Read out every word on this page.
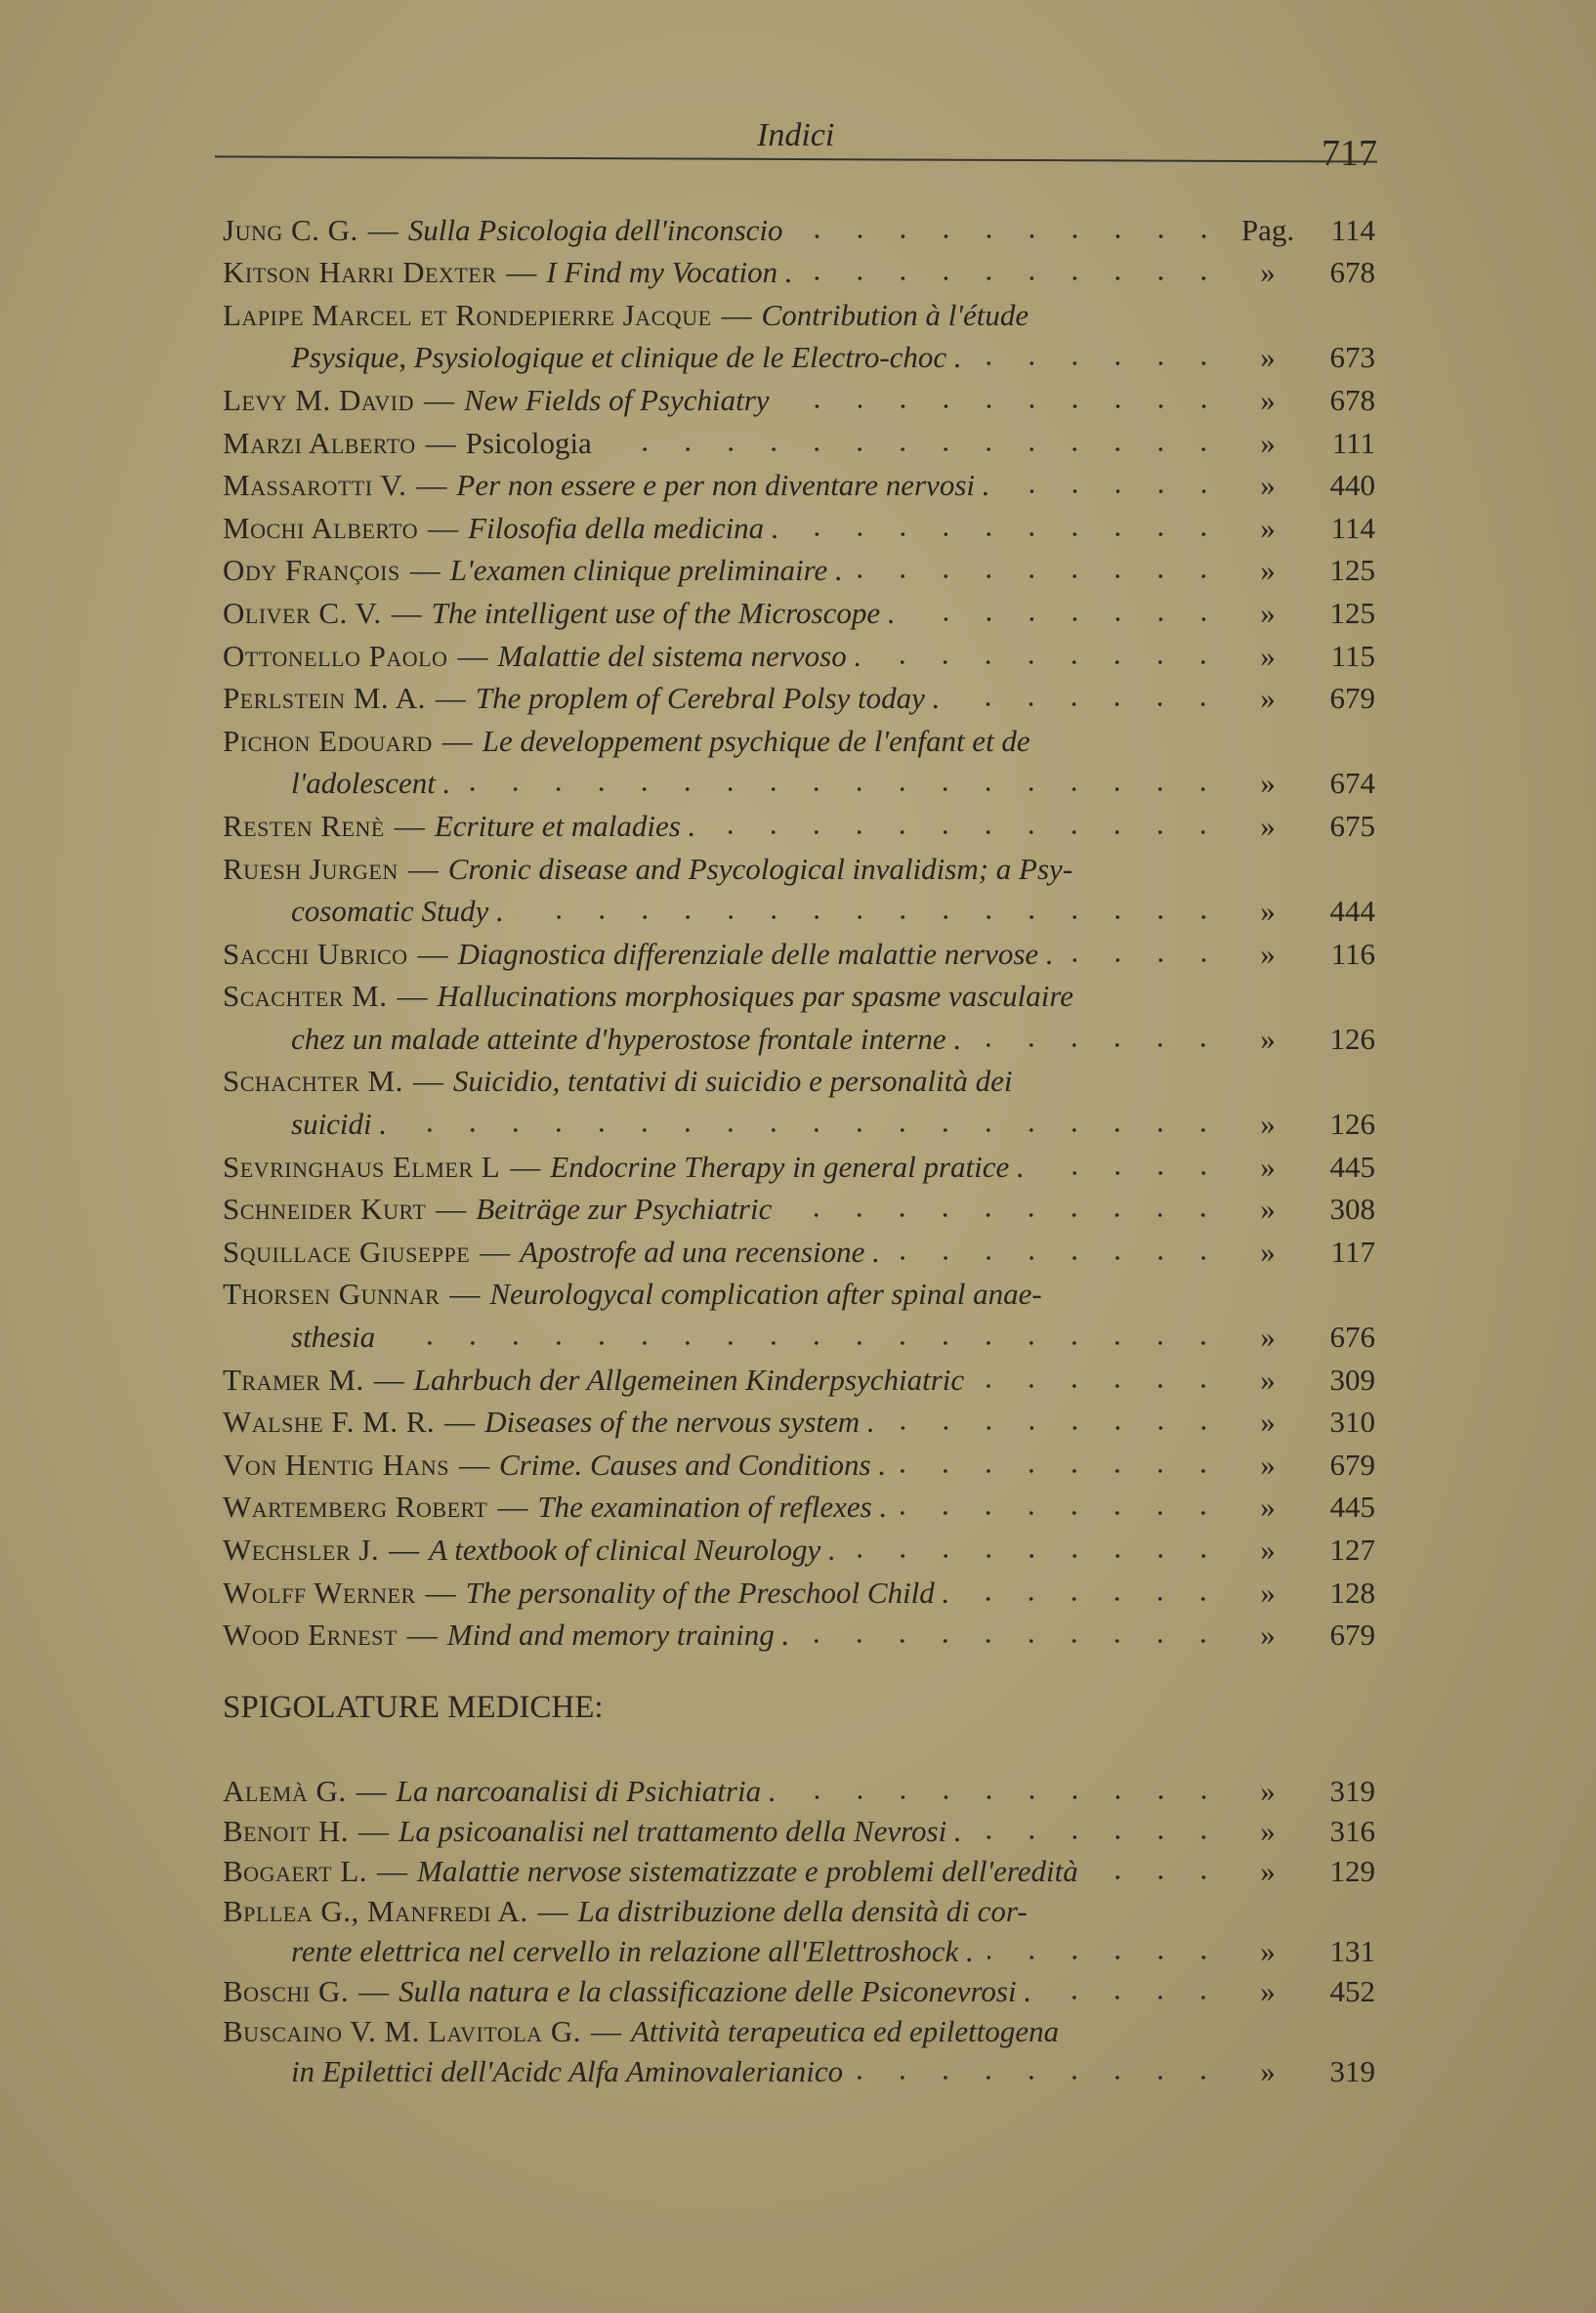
Indici	717
Jung C. G. — Sulla Psicologia dell'inconscio	Pag.	114
Kitson Harri Dexter — I Find my Vocation .	»	678
Lapipe Marcel et Rondepierre Jacque — Contribution à l'étude
Psysique, Psysiologique et clinique de le Electro-choc .	»	673
Levy M. David — New Fields of Psychiatry	»	678
Marzi Alberto — Psicologia	»	111
Massarotti V. — Per non essere e per non diventare nervosi .	»	440
Mochi Alberto — Filosofia della medicina .	»	114
Ody François — L'examen clinique preliminaire .	»	125
Oliver C. V. — The intelligent use of the Microscope .	»	125
Ottonello Paolo — Malattie del sistema nervoso .	»	115
Perlstein M. A. — The proplem of Cerebral Polsy today .	»	679
Pichon Edouard — Le developpement psychique de l'enfant et de
l'adolescent .	»	674
Resten Renè — Ecriture et maladies .	»	675
Ruesh Jurgen — Cronic disease and Psycological invalidism; a Psy-
cosomatic Study .	»	444
Sacchi Ubrico — Diagnostica differenziale delle malattie nervose .	»	116
Scachter M. — Hallucinations morphosiques par spasme vasculaire
chez un malade atteinte d'hyperostose frontale interne .	»	126
Schachter M. — Suicidio, tentativi di suicidio e personalità dei
suicidi .	»	126
Sevringhaus Elmer L — Endocrine Therapy in general pratice .	»	445
Schneider Kurt — Beiträge zur Psychiatric	»	308
Squillace Giuseppe — Apostrofe ad una recensione .	»	117
Thorsen Gunnar — Neurologycal complication after spinal anae-
sthesia	»	676
Tramer M. — Lahrbuch der Allgemeinen Kinderpsychiatric	»	309
Walshe F. M. R. — Diseases of the nervous system .	»	310
Von Hentig Hans — Crime. Causes and Conditions .	»	679
Wartemberg Robert — The examination of reflexes .	»	445
Wechsler J. — A textbook of clinical Neurology .	»	127
Wolff Werner — The personality of the Preschool Child .	»	128
Wood Ernest — Mind and memory training .	»	679
SPIGOLATURE MEDICHE:
Alemà G. — La narcoanalisi di Psichiatria .	»	319
Benoit H. — La psicoanalisi nel trattamento della Nevrosi .	»	316
Bogaert L. — Malattie nervose sistematizzate e problemi dell'eredità	»	129
Bpllea G., Manfredi A. — La distribuzione della densità di cor-
rente elettrica nel cervello in relazione all'Elettroshock .	»	131
Boschi G. — Sulla natura e la classificazione delle Psiconevrosi .	»	452
Buscaino V. M. Lavitola G. — Attività terapeutica ed epilettogena
in Epilettici dell'Acidc Alfa Aminovalerianico	»	319
